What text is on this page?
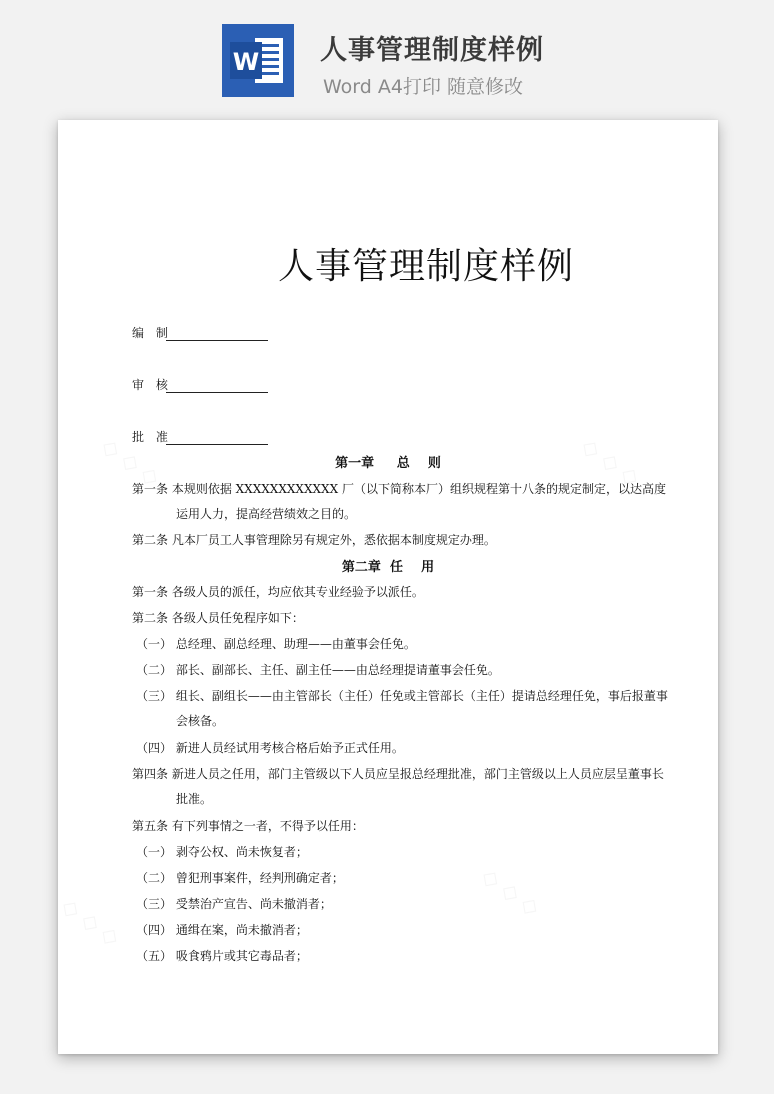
W 人事管理制度样例
Word A4打印 随意修改
人事管理制度样例
编 制
审 核
批 准
第一章     总    则
第一条 本规则依据 XXXXXXXXXXXX 厂（以下简称本厂）组织规程第十八条的规定制定，以达高度
运用人力，提高经营绩效之目的。
第二条 凡本厂员工人事管理除另有规定外，悉依据本制度规定办理。
第二章  任    用
第一条 各级人员的派任，均应依其专业经验予以派任。
第二条 各级人员任免程序如下：
（一） 总经理、副总经理、助理——由董事会任免。
（二） 部长、副部长、主任、副主任——由总经理提请董事会任免。
（三） 组长、副组长——由主管部长（主任）任免或主管部长（主任）提请总经理任免，事后报董事
会核备。
（四） 新进人员经试用考核合格后始予正式任用。
第四条 新进人员之任用，部门主管级以下人员应呈报总经理批准，部门主管级以上人员应层呈董事长
批准。
第五条 有下列事情之一者，不得予以任用：
（一） 剥夺公权、尚未恢复者；
（二） 曾犯刑事案件，经判刑确定者；
（三） 受禁治产宣告、尚未撤消者；
（四） 通缉在案，尚未撤消者；
（五） 吸食鸦片或其它毒品者；
